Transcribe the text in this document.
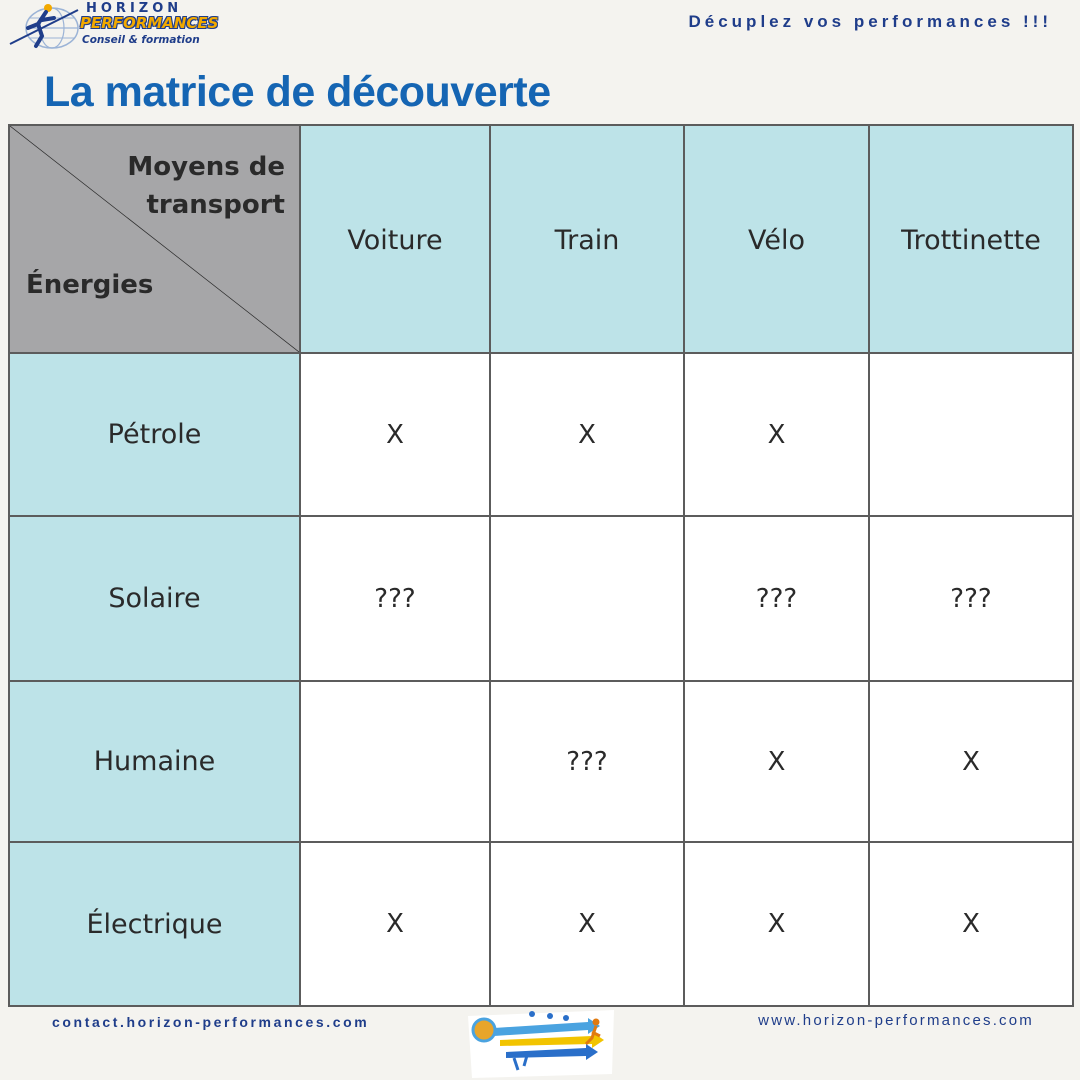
HORIZON
PERFORMANCES
Conseil & formation
Décuplez vos performances !!!
La matrice de découverte
Moyens de transport
Énergies	Voiture	Train	Vélo	Trottinette
Pétrole	X	X	X	
Solaire	???		???	???
Humaine		???	X	X
Électrique	X	X	X	X
contact.horizon-performances.com	www.horizon-performances.com
